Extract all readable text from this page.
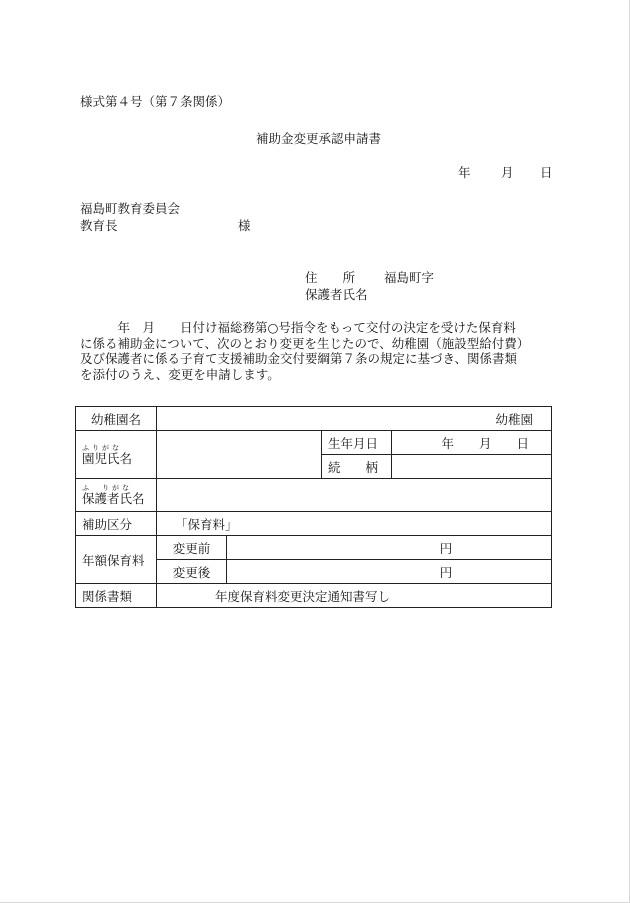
様式第４号（第７条関係）
補助金変更承認申請書
年 月 日
福島町教育委員会
教育長	様
住　　所 福島町字
保護者氏名

　　　年　月　　日付け福総務第○号指令をもって交付の決定を受けた保育料

に係る補助金について、次のとおり変更を生じたので、幼稚園（施設型給付費）

及び保護者に係る子育て支援補助金交付要綱第７条の規定に基づき、関係書類

を添付のうえ、変更を申請します。

幼稚園名	幼稚園			

ふりがな
園児氏名			生年月日	年　　月　　日
			続　　柄	

ふ　りがな
保護者氏名				

補助区分	「保育料」			
年額保育料	変更前	円		
	変更後	円		
関係書類	年度保育料変更決定通知書写し			
